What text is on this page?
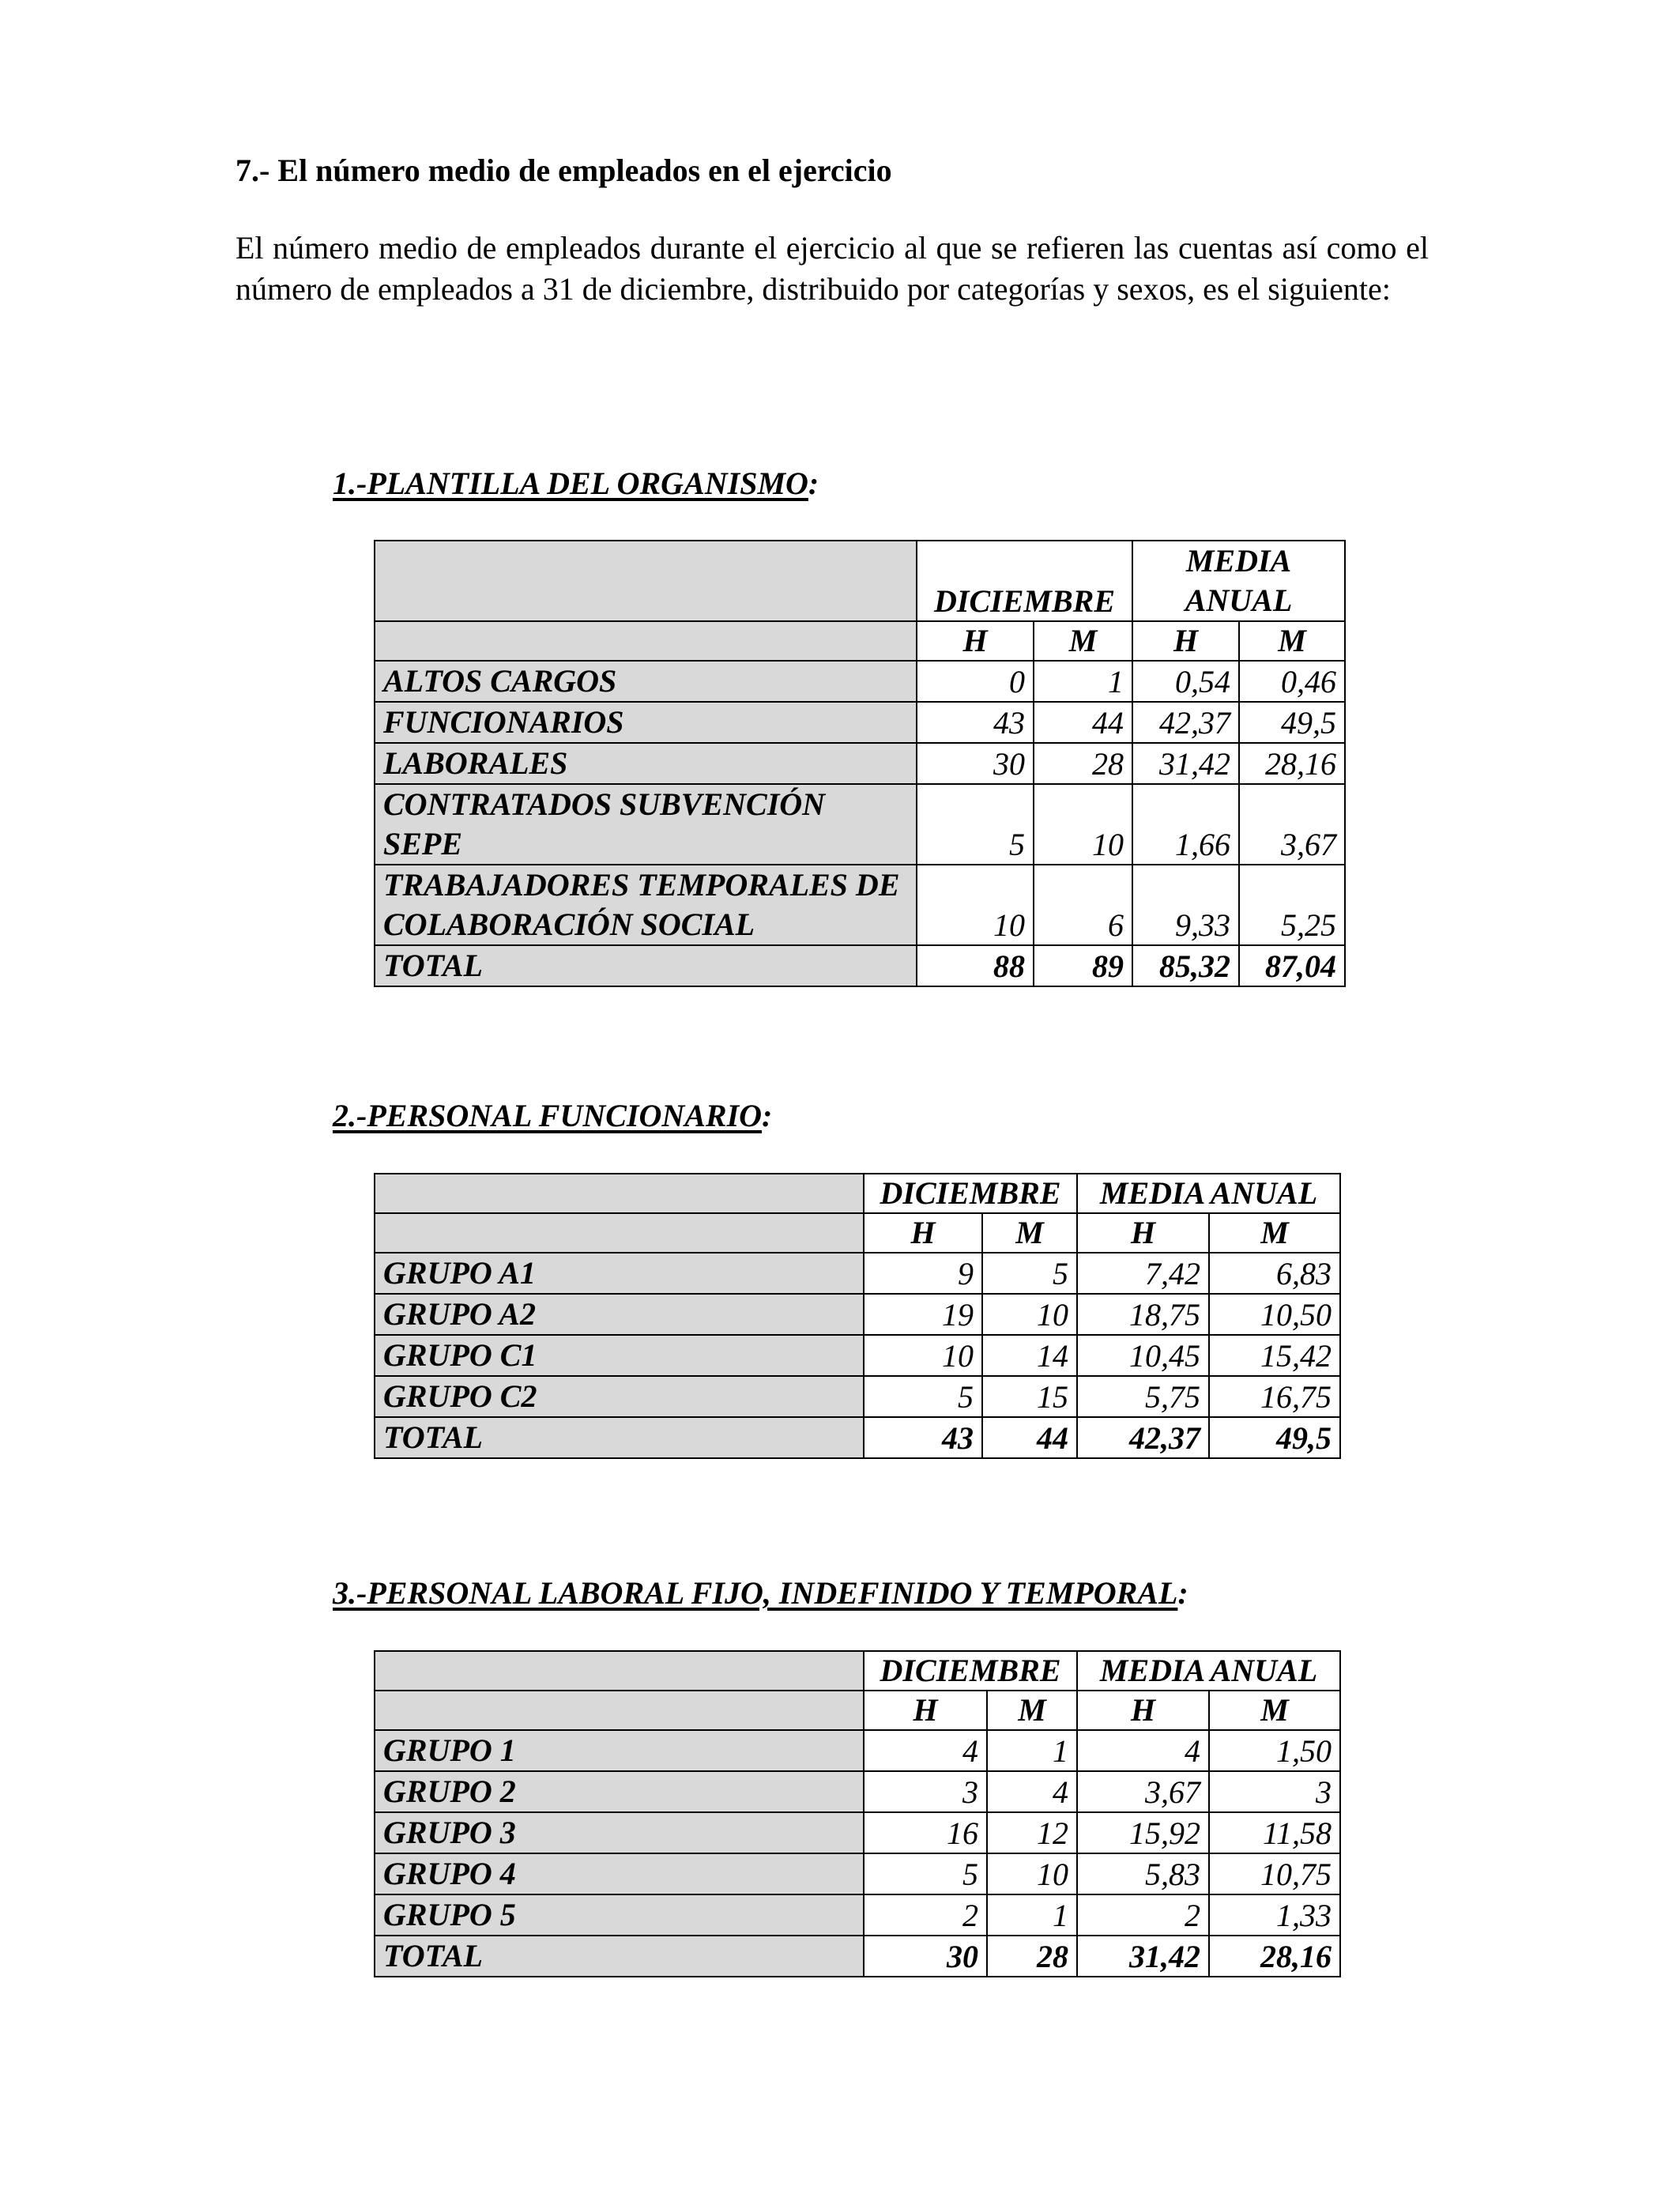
7.- El número medio de empleados en el ejercicio

El número medio de empleados durante el ejercicio al que se refieren las cuentas así como el número de empleados a 31 de diciembre, distribuido por categorías y sexos, es el siguiente:

1.-PLANTILLA DEL ORGANISMO:

	DICIEMBRE		MEDIA ANUAL	
	H	M	H	M
ALTOS CARGOS	0	1	0,54	0,46
FUNCIONARIOS	43	44	42,37	49,5
LABORALES	30	28	31,42	28,16
CONTRATADOS SUBVENCIÓN SEPE	5	10	1,66	3,67
TRABAJADORES TEMPORALES DE COLABORACIÓN SOCIAL	10	6	9,33	5,25
TOTAL	88	89	85,32	87,04

2.-PERSONAL FUNCIONARIO:

	DICIEMBRE		MEDIA ANUAL	
	H	M	H	M
GRUPO A1	9	5	7,42	6,83
GRUPO A2	19	10	18,75	10,50
GRUPO C1	10	14	10,45	15,42
GRUPO C2	5	15	5,75	16,75
TOTAL	43	44	42,37	49,5

3.-PERSONAL LABORAL FIJO, INDEFINIDO Y TEMPORAL:

	DICIEMBRE		MEDIA ANUAL	
	H	M	H	M
GRUPO 1	4	1	4	1,50
GRUPO 2	3	4	3,67	3
GRUPO 3	16	12	15,92	11,58
GRUPO 4	5	10	5,83	10,75
GRUPO 5	2	1	2	1,33
TOTAL	30	28	31,42	28,16
